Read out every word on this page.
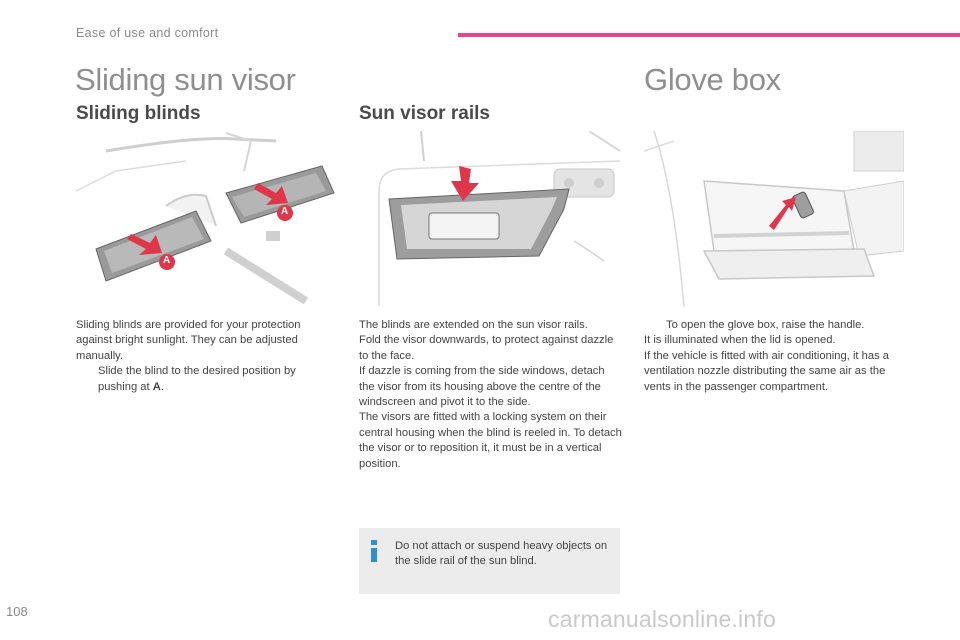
Ease of use and comfort
Sliding sun visor	Glove box
Sliding blinds	Sun visor rails
A
A

Sliding blinds are provided for your protection against bright sunlight. They can be adjusted manually.

Slide the blind to the desired position by pushing at A.

The blinds are extended on the sun visor rails.

Fold the visor downwards, to protect against dazzle to the face.

If dazzle is coming from the side windows, detach the visor from its housing above the centre of the windscreen and pivot it to the side.

The visors are fitted with a locking system on their central housing when the blind is reeled in. To detach the visor or to reposition it, it must be in a vertical position.

Do not attach or suspend heavy objects on the slide rail of the sun blind.
To open the glove box, raise the handle.

It is illuminated when the lid is opened.

If the vehicle is fitted with air conditioning, it has a ventilation nozzle distributing the same air as the vents in the passenger compartment.

108	carmanualsonline.info
